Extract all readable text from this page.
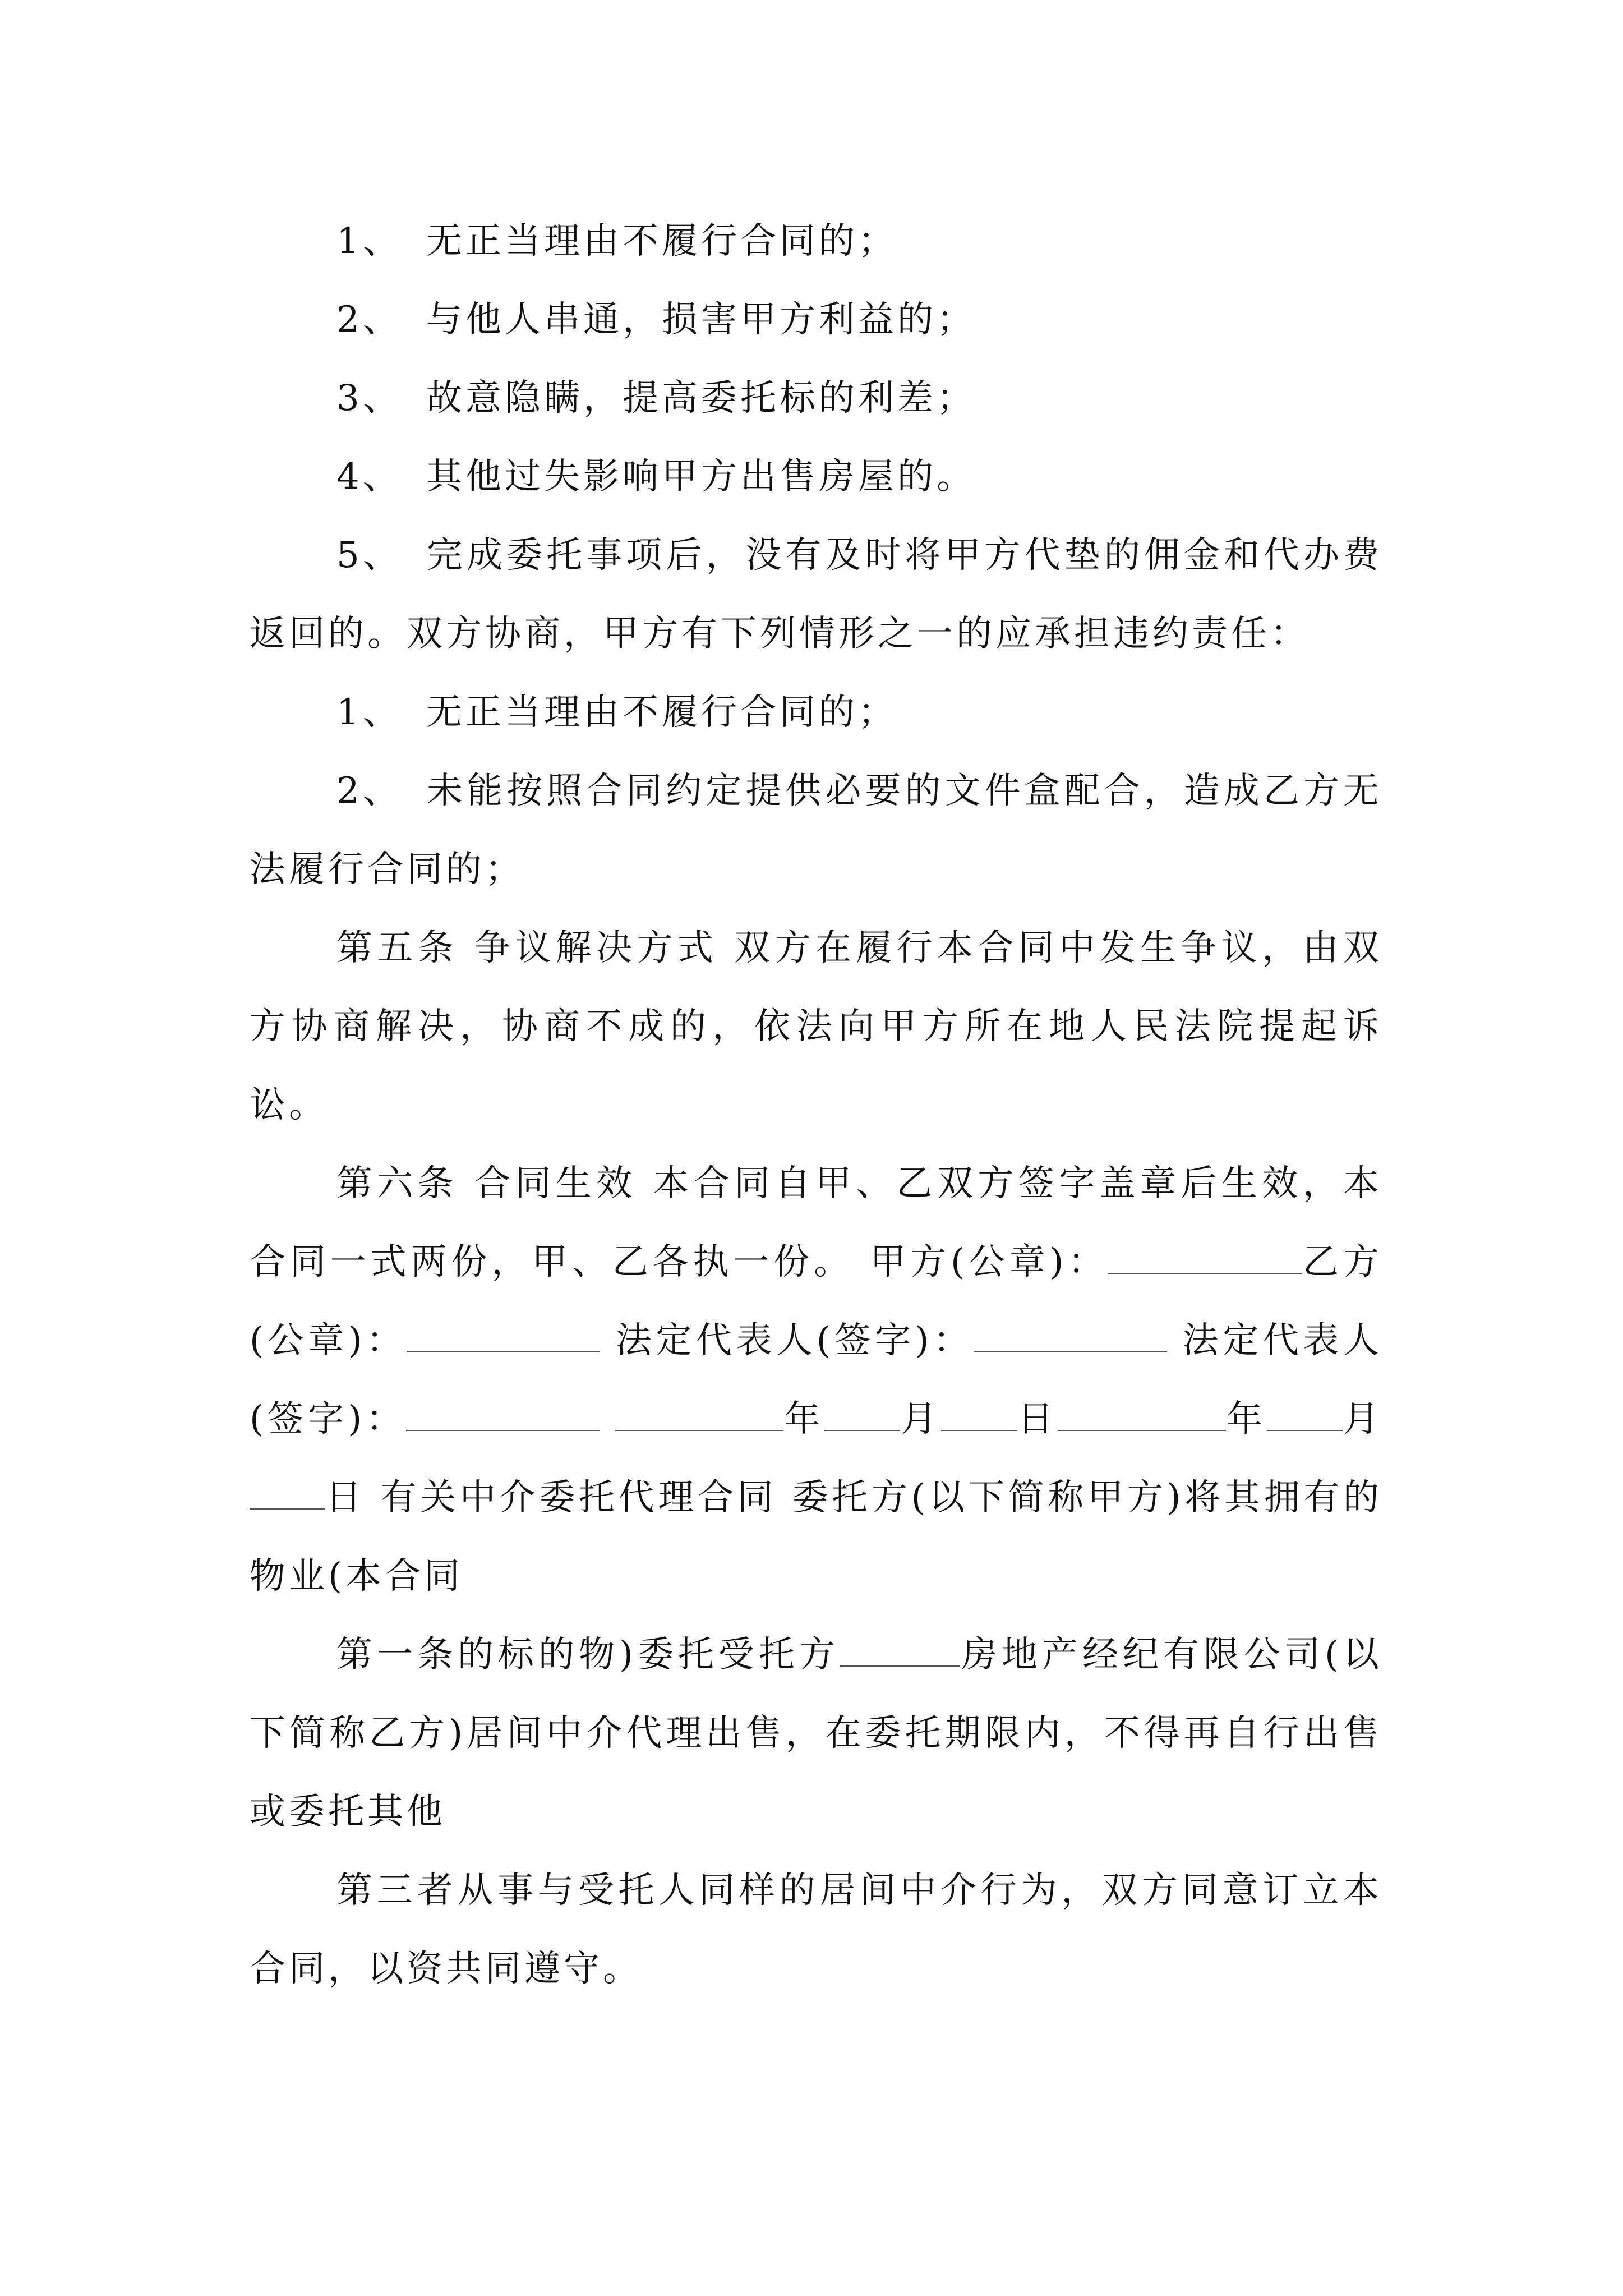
1、 无正当理由不履行合同的；

2、 与他人串通，损害甲方利益的；

3、 故意隐瞒，提高委托标的利差；

4、 其他过失影响甲方出售房屋的。

5、 完成委托事项后，没有及时将甲方代垫的佣金和代办费返回的。双方协商，甲方有下列情形之一的应承担违约责任：

1、 无正当理由不履行合同的；

2、 未能按照合同约定提供必要的文件盒配合，造成乙方无法履行合同的；

第五条 争议解决方式 双方在履行本合同中发生争议，由双方协商解决，协商不成的，依法向甲方所在地人民法院提起诉讼。

第六条 合同生效 本合同自甲、乙双方签字盖章后生效，本合同一式两份，甲、乙各执一份。 甲方(公章)：	乙方(公章)：	法定代表人(签字)：	法定代表人(签字)：	年 月 日	年 月日 有关中介委托代理合同 委托方(以下简称甲方)将其拥有的物业(本合同

第一条的标的物)委托受托方	房地产经纪有限公司(以下简称乙方)居间中介代理出售，在委托期限内，不得再自行出售或委托其他

第三者从事与受托人同样的居间中介行为，双方同意订立本合同，以资共同遵守。
